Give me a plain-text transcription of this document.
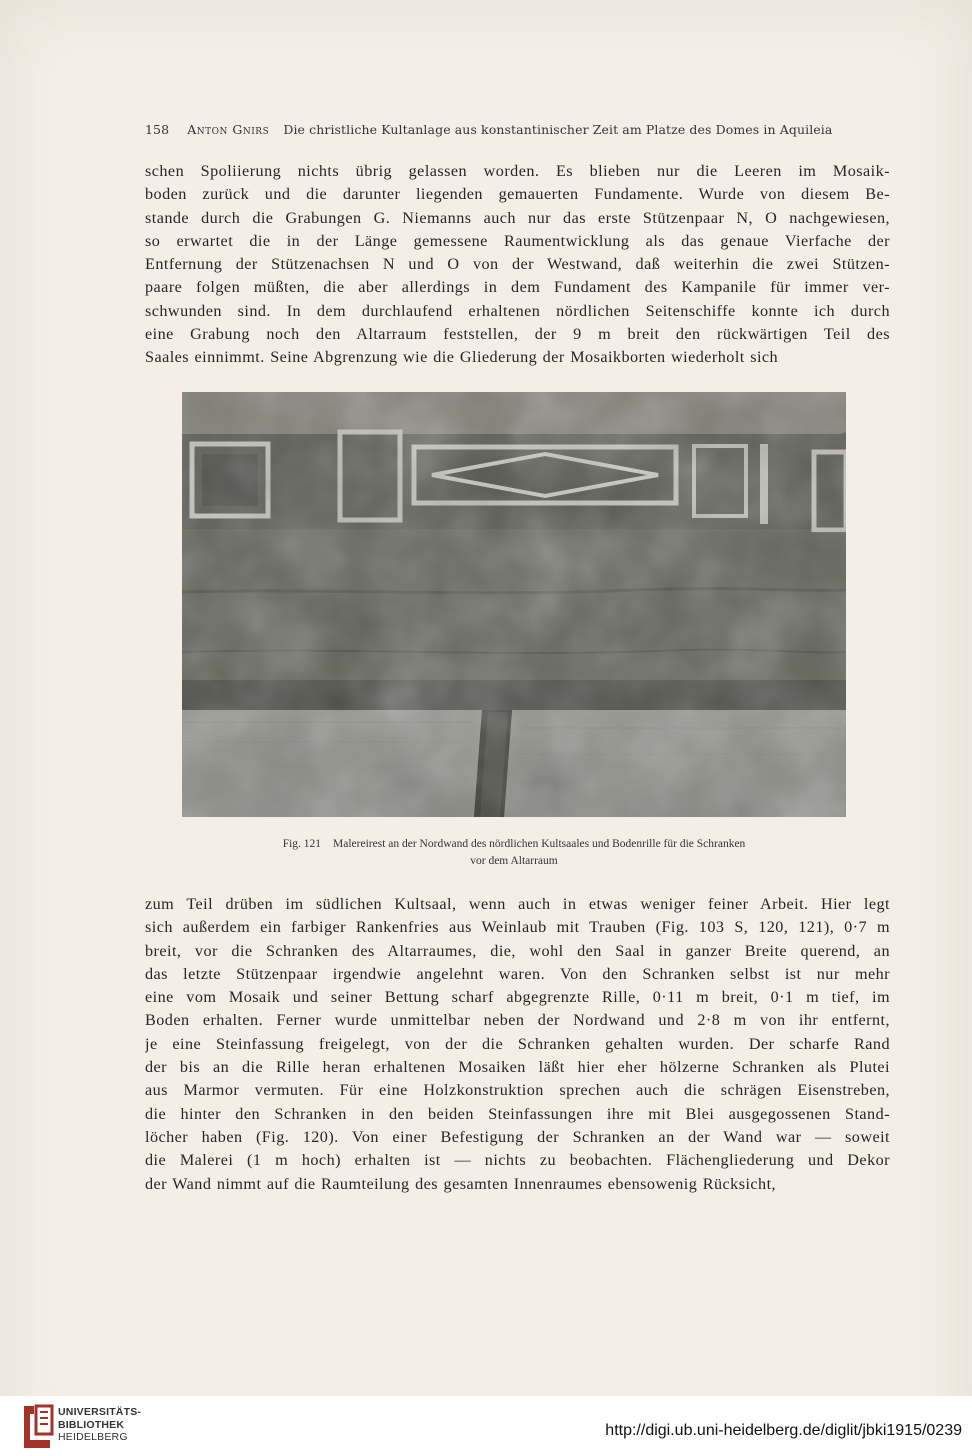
158 Anton Gnirs Die christliche Kultanlage aus konstantinischer Zeit am Platze des Domes in Aquileia
schen Spoliierung nichts übrig gelassen worden. Es blieben nur die Leeren im Mosaik-
boden zurück und die darunter liegenden gemauerten Fundamente. Wurde von diesem Be-
stande durch die Grabungen G. Niemanns auch nur das erste Stützenpaar N, O nachgewiesen,
so erwartet die in der Länge gemessene Raumentwicklung als das genaue Vierfache der
Entfernung der Stützenachsen N und O von der Westwand, daß weiterhin die zwei Stützen-
paare folgen müßten, die aber allerdings in dem Fundament des Kampanile für immer ver-
schwunden sind. In dem durchlaufend erhaltenen nördlichen Seitenschiffe konnte ich durch
eine Grabung noch den Altarraum feststellen, der 9 m breit den rückwärtigen Teil des
Saales einnimmt. Seine Abgrenzung wie die Gliederung der Mosaikborten wiederholt sich
Fig. 121 Malereirest an der Nordwand des nördlichen Kultsaales und Bodenrille für die Schranken
vor dem Altarraum
zum Teil drüben im südlichen Kultsaal, wenn auch in etwas weniger feiner Arbeit. Hier legt
sich außerdem ein farbiger Rankenfries aus Weinlaub mit Trauben (Fig. 103 S, 120, 121), 0·7 m
breit, vor die Schranken des Altarraumes, die, wohl den Saal in ganzer Breite querend, an
das letzte Stützenpaar irgendwie angelehnt waren. Von den Schranken selbst ist nur mehr
eine vom Mosaik und seiner Bettung scharf abgegrenzte Rille, 0·11 m breit, 0·1 m tief, im
Boden erhalten. Ferner wurde unmittelbar neben der Nordwand und 2·8 m von ihr entfernt,
je eine Steinfassung freigelegt, von der die Schranken gehalten wurden. Der scharfe Rand
der bis an die Rille heran erhaltenen Mosaiken läßt hier eher hölzerne Schranken als Plutei
aus Marmor vermuten. Für eine Holzkonstruktion sprechen auch die schrägen Eisenstreben,
die hinter den Schranken in den beiden Steinfassungen ihre mit Blei ausgegossenen Stand-
löcher haben (Fig. 120). Von einer Befestigung der Schranken an der Wand war — soweit
die Malerei (1 m hoch) erhalten ist — nichts zu beobachten. Flächengliederung und Dekor
der Wand nimmt auf die Raumteilung des gesamten Innenraumes ebensowenig Rücksicht,
UNIVERSITÄTS-
BIBLIOTHEK
HEIDELBERG	http://digi.ub.uni-heidelberg.de/diglit/jbki1915/0239
